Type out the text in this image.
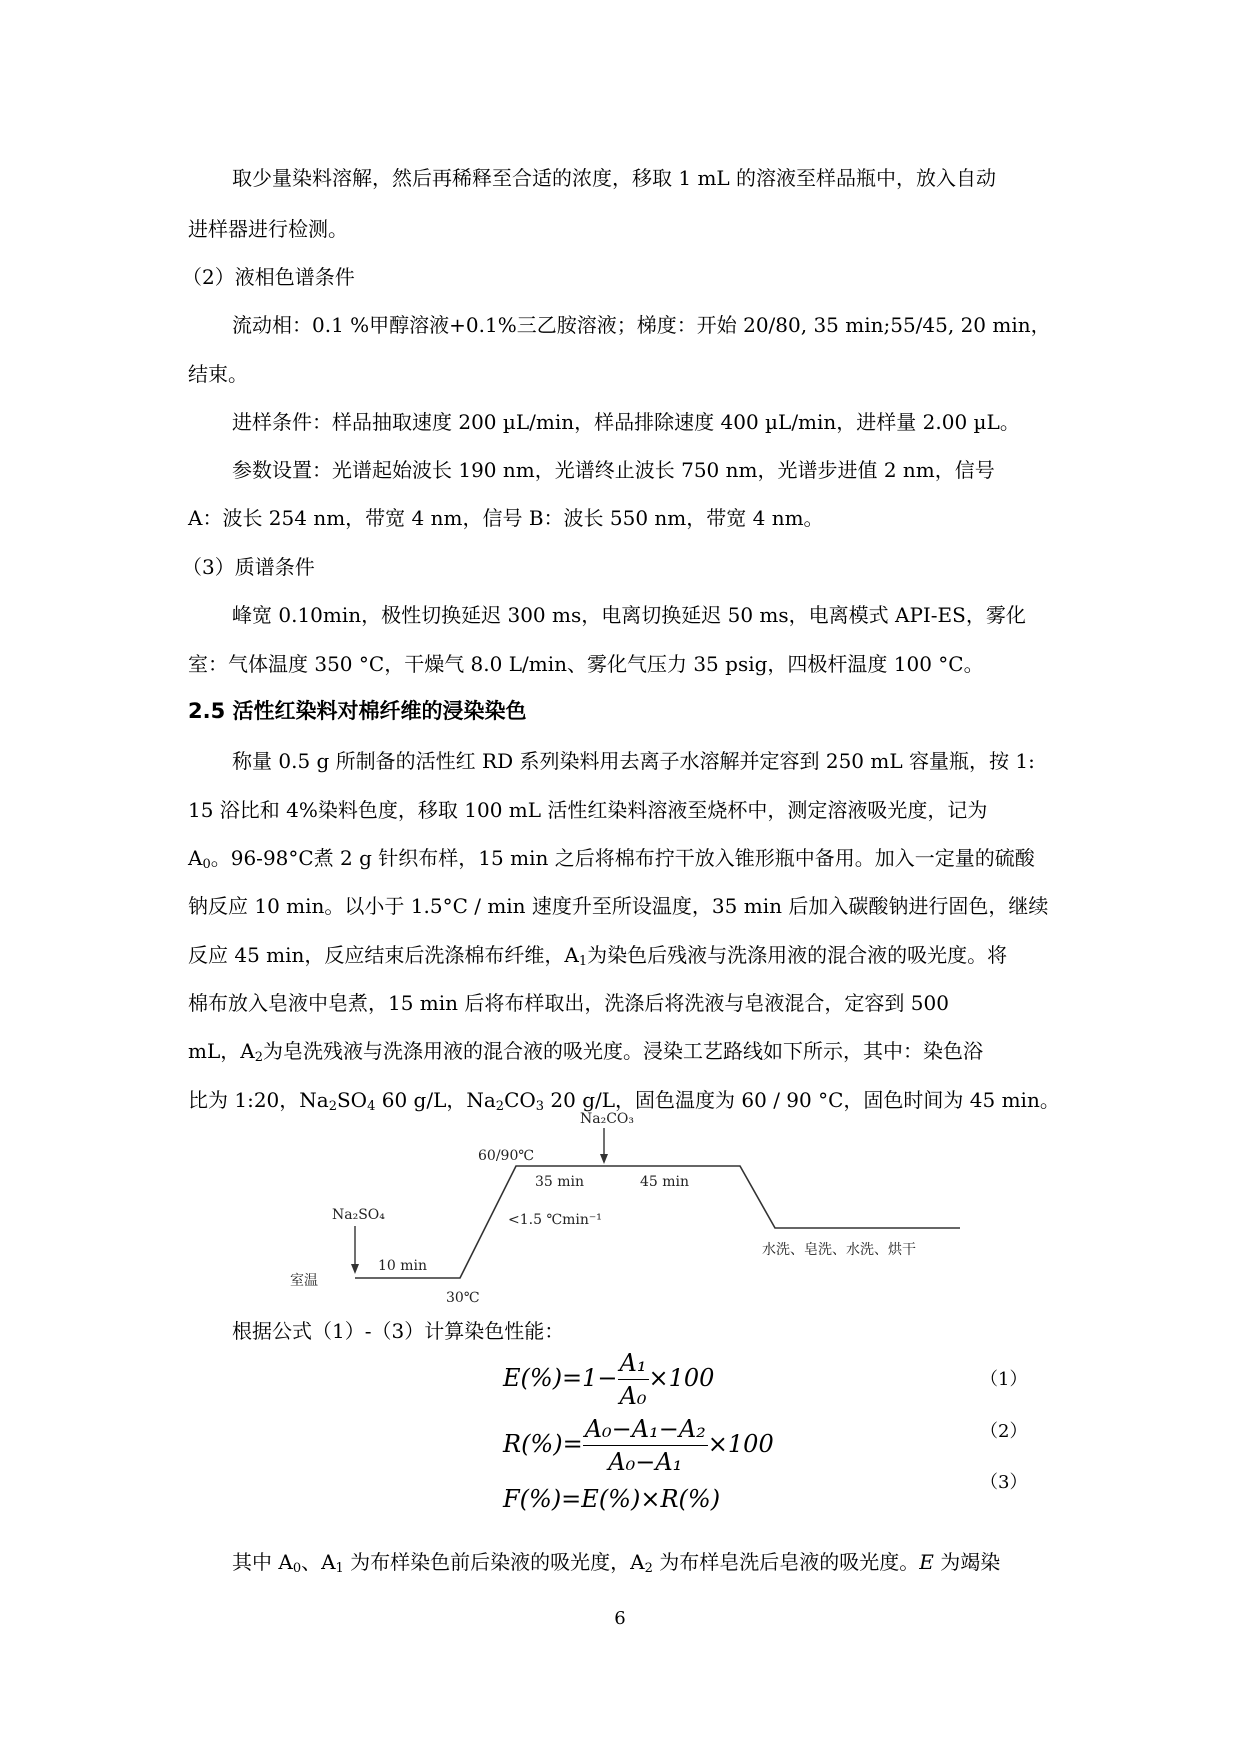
取少量染料溶解，然后再稀释至合适的浓度，移取 1 mL 的溶液至样品瓶中，放入自动
进样器进行检测。
（2）液相色谱条件
流动相：0.1 %甲醇溶液+0.1%三乙胺溶液；梯度：开始 20/80, 35 min;55/45, 20 min，
结束。
进样条件：样品抽取速度 200 µL/min，样品排除速度 400 µL/min，进样量 2.00 µL。
参数设置：光谱起始波长 190 nm，光谱终止波长 750 nm，光谱步进值 2 nm，信号
A：波长 254 nm，带宽 4 nm，信号 B：波长 550 nm，带宽 4 nm。
（3）质谱条件
峰宽 0.10min，极性切换延迟 300 ms，电离切换延迟 50 ms，电离模式 API-ES，雾化
室：气体温度 350 °C，干燥气 8.0 L/min、雾化气压力 35 psig，四极杆温度 100 °C。
2.5 活性红染料对棉纤维的浸染染色
称量 0.5 g 所制备的活性红 RD 系列染料用去离子水溶解并定容到 250 mL 容量瓶，按 1:
15 浴比和 4%染料色度，移取 100 mL 活性红染料溶液至烧杯中，测定溶液吸光度，记为
$A_0$。96-98°C煮 2 g 针织布样，15 min 之后将棉布拧干放入锥形瓶中备用。加入一定量的硫酸
钠反应 10 min。以小于 1.5°C / min 速度升至所设温度，35 min 后加入碳酸钠进行固色，继续
反应 45 min，反应结束后洗涤棉布纤维，$A_1$为染色后残液与洗涤用液的混合液的吸光度。将
棉布放入皂液中皂煮，15 min 后将布样取出，洗涤后将洗液与皂液混合，定容到 500
mL，$A_2$为皂洗残液与洗涤用液的混合液的吸光度。浸染工艺路线如下所示，其中：染色浴
比为 1:20，$Na_2SO_4$ 60 g/L，$Na_2CO_3$ 20 g/L，固色温度为 60 / 90 °C，固色时间为 45 min。
Na₂SO₄
Na₂CO₃
60/90℃
35 min	45 min
<1.5 ℃min⁻¹
10 min
室温
30℃
水洗、皂洗、水洗、烘干
根据公式（1）-（3）计算染色性能：
$E(\%)=1- \frac{\text{A₁}}{\text{A₀}} \times 100$	（1）
$R(\%)= \frac{\text{A₀−A₁−A₂}}{\text{A₀−A₁}} \times 100$	（2）
（3）
F(%)=E(%)×R(%)
其中 $A_0$、$A_1$ 为布样染色前后染液的吸光度，$A_2$ 为布样皂洗后皂液的吸光度。E 为竭染
6
